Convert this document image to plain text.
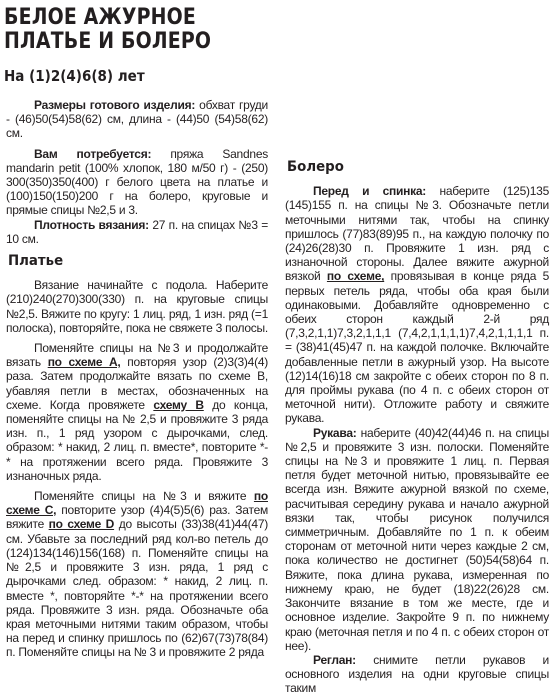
БЕЛОЕ АЖУРНОЕ
ПЛАТЬЕ И БОЛЕРО
На (1)2(4)6(8) лет

Размеры готового изделия: обхват груди - (46)50(54)58(62) см, длина - (44)50 (54)58(62) см.

Вам потребуется: пряжа Sandnes mandarin petit (100% хлопок, 180 м/50 г) - (250) 300(350)350(400) г белого цвета на платье и (100)150(150)200 г на болеро, круговые и прямые спицы №2,5 и 3.

Плотность вязания: 27 п. на спицах №3 = 10 см.

Платье

Вязание начинайте с подола. Наберите (210)240(270)300(330) п. на круговые спицы №2,5. Вяжите по кругу: 1 лиц. ряд, 1 изн. ряд (=1 полоска), повторяйте, пока не свяжете 3 полосы.

Поменяйте спицы на №3 и продолжайте вязать по схеме А, повторяя узор (2)3(3)4(4) раза. Затем продолжайте вязать по схеме В, убавляя петли в местах, обозначенных на схеме. Когда провяжете схему В до конца, поменяйте спицы на № 2,5 и провяжите 3 ряда изн. п., 1 ряд узором с дырочками, след. образом: * накид, 2 лиц. п. вместе*, повторите *-* на протяжении всего ряда. Провяжите 3 изнаночных ряда.

Поменяйте спицы на №3 и вяжите по схеме С, повторите узор (4)4(5)5(6) раз. Затем вяжите по схеме D до высоты (33)38(41)44(47) см. Убавьте за последний ряд кол-во петель до (124)134(146)156(168) п. Поменяйте спицы на №2,5 и провяжите 3 изн. ряда, 1 ряд с дырочками след. образом: * накид, 2 лиц. п. вместе *, повторяйте *-* на протяжении всего ряда. Провяжите 3 изн. ряда. Обозначьте оба края меточными нитями таким образом, чтобы на перед и спинку пришлось по (62)67(73)78(84) п. Поменяйте спицы на № 3 и провяжите 2 ряда

Болеро

Перед и спинка: наберите (125)135 (145)155 п. на спицы №3. Обозначьте петли меточными нитями так, чтобы на спинку пришлось (77)83(89)95 п., на каждую полочку по (24)26(28)30 п. Провяжите 1 изн. ряд с изнаночной стороны. Далее вяжите ажурной вязкой по схеме, провязывая в конце ряда 5 первых петель ряда, чтобы оба края были одинаковыми. Добавляйте одновременно с обеих сторон каждый 2-й ряд (7,3,2,1,1)7,3,2,1,1,1 (7,4,2,1,1,1,1)7,4,2,1,1,1,1 п. = (38)41(45)47 п. на каждой полочке. Включайте добавленные петли в ажурный узор. На высоте (12)14(16)18 см закройте с обеих сторон по 8 п. для проймы рукава (по 4 п. с обеих сторон от меточной нити). Отложите работу и свяжите рукава.

Рукава: наберите (40)42(44)46 п. на спицы №2,5 и провяжите 3 изн. полоски. Поменяйте спицы на №3 и провяжите 1 лиц. п. Первая петля будет меточной нитью, провязывайте ее всегда изн. Вяжите ажурной вязкой по схеме, расчитывая середину рукава и начало ажурной вязки так, чтобы рисунок получился симметричным. Добавляйте по 1 п. к обеим сторонам от меточной нити через каждые 2 см, пока количество не достигнет (50)54(58)64 п. Вяжите, пока длина рукава, измеренная по нижнему краю, не будет (18)22(26)28 см. Закончите вязание в том же месте, где и основное изделие. Закройте 9 п. по нижнему краю (меточная петля и по 4 п. с обеих сторон от нее).

Реглан: снимите петли рукавов и основного изделия на одни круговые спицы таким
